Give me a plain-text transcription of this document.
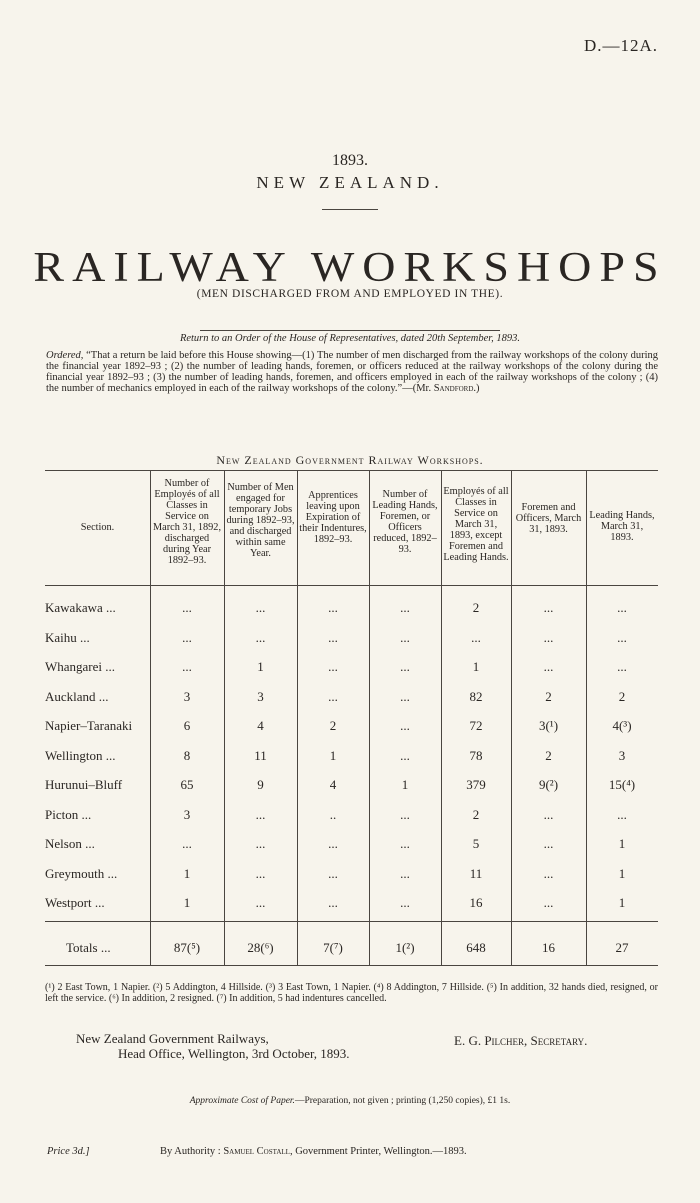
D.—12A.
1893.
NEW ZEALAND.
RAILWAY WORKSHOPS
(MEN DISCHARGED FROM AND EMPLOYED IN THE).
Return to an Order of the House of Representatives, dated 20th September, 1893.
Ordered, “That a return be laid before this House showing—(1) The number of men discharged from the railway workshops of the colony during the financial year 1892–93 ; (2) the number of leading hands, foremen, or officers reduced at the railway workshops of the colony during the financial year 1892–93 ; (3) the number of leading hands, foremen, and officers employed in each of the railway workshops of the colony ; (4) the number of mechanics employed in each of the railway workshops of the colony.”—(Mr. Sandford.)
New Zealand Government Railway Workshops.
Section.
Number of Employés of all Classes in Service on March 31, 1892, discharged during Year 1892–93.
Number of Men engaged for temporary Jobs during 1892–93, and discharged within same Year.
Apprentices leaving upon Expiration of their Indentures, 1892–93.
Number of Leading Hands, Foremen, or Officers reduced, 1892–93.
Employés of all Classes in Service on March 31, 1893, except Foremen and Leading Hands.
Foremen and Officers, March 31, 1893.
Leading Hands, March 31, 1893.
Kawakawa ...	...	...	...	...	2	...	...
Kaihu ...	...	...	...	...	...	...	...
Whangarei ...	...	1	...	...	1	...	...
Auckland ...	3	3	...	...	82	2	2
Napier–Taranaki	6	4	2	...	72	3(¹)	4(³)
Wellington ...	8	11	1	...	78	2	3
Hurunui–Bluff	65	9	4	1	379	9(²)	15(⁴)
Picton ...	3	...	..	...	2	...	...
Nelson ...	...	...	...	...	5	...	1
Greymouth ...	1	...	...	...	11	...	1
Westport ...	1	...	...	...	16	...	1
Totals ...	87(⁵)	28(⁶)	7(⁷)	1(²)	648	16	27
(¹) 2 East Town, 1 Napier. (²) 5 Addington, 4 Hillside. (³) 3 East Town, 1 Napier. (⁴) 8 Addington, 7 Hillside. (⁵) In addition, 32 hands died, resigned, or left the service. (⁶) In addition, 2 resigned. (⁷) In addition, 5 had indentures cancelled.
New Zealand Government Railways,
Head Office, Wellington, 3rd October, 1893.
E. G. Pilcher, Secretary.
Approximate Cost of Paper.—Preparation, not given ; printing (1,250 copies), £1 1s.
Price 3d.]	By Authority : Samuel Costall, Government Printer, Wellington.—1893.
